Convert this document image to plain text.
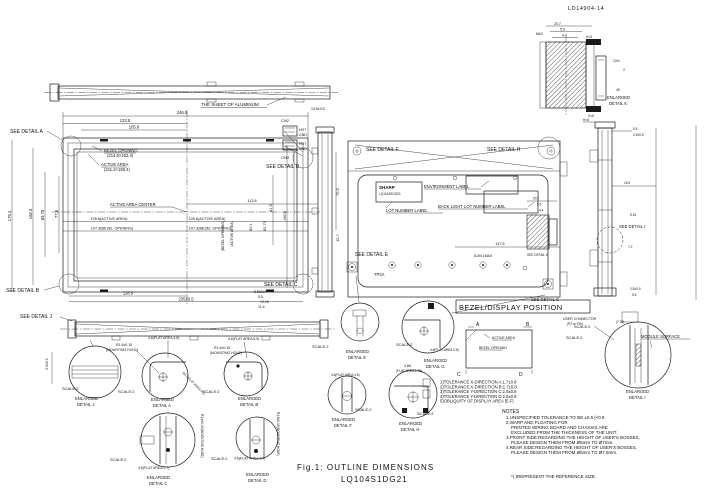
LD14904-14
THE SHEET OF ALUMINUM
246.5
123.5
105.8
179.4	168.3 84.75 77.5
81.5
166.8
80.1	82.75
(BEZEL OPENING) (ACTIVE AREA)
BEZEL OPENING
(214.6×162.4)
ACTIVE AREA
(211.2×158.4)
ACTIVE AREA CENTER
105.6(ACTIVE AREA)	105.6(ACTIVE AREA)
107.3(BEZEL OPENING)	107.3(BEZEL OPENING)
113.8
118.5
235±0.5
SEE DETAIL A
SEE DETAIL B
CN2
HOT
GND
HOT
GND
CN3
SEE DETAIL D
SEE DETAIL C
13.5±0.5
75.5
45.7
8.5MAX
5.5
10.16
11.6
SEE DETAIL F	SEE DETAIL H
SHARP
LQ104S1DG21
LOT NUMBER LABEL
ENVIRONMENT LABEL
BACK LIGHT LOT NUMBER LABEL
SEE DETAIL E
TP2A
117.5
8-Ø4.1MAX
20.7
5.5
4.4
SEE DETAIL K
SEE DETAIL G
H=8
5.5
2.5±0.5
16.5
5.15
SEE DETAIL I
7.2
2.5±0.5
5.5
MAX
20.7
5.5
4.4	H=8
CN1
2
40
ENLARGED
DETAIL K
H=8
BEZEL/DISPLAY POSITION
A	B
ACTIVE AREA
BEZEL OPENING
C	D
USER CONNECTOR
(P2 or PW)
SCALE:2
SEE DETAIL J
2.5±0.2
SCALE:2
ENLARGED
DETAIL J
R1.6±0.15
(MOUNTING HOLE)
4.6(FLAT AREA 4.6)
R6.5(FLAT AREA R6)
SCALE:2
ENLARGED
DETAIL A
R1.6±0.15
(MOUNTING HOLE)
4.6(FLAT AREA 6.9)
SCALE:2
ENLARGED
DETAIL B
R1.6±0.15(MOUNTING HOLE)
4.6(FLAT AREA 0.7)
SCALE:2
ENLARGED
DETAIL C
R1.6±0.15(MOUNTING HOLE)
4.6(FLAT AREA 0.7)
SCALE:2
ENLARGED
DETAIL D
SCALE:2
ENLARGED
DETAIL E
4.6(FLAT AREA 0.9)
SCALE:2
ENLARGED
DETAIL G
4.6(FLAT AREA 4.6)
SCALE:2
ENLARGED
DETAIL F
4.85
(FLAT AREA 4.15)
SCALE:2
ENLARGED
DETAIL H
(7.05)
MODULE SURFACE
SCALE:2
ENLARGED
DETAIL I
1)TOLERANCE X-DIRECTION A:1.7±0.8
2)TOLERANCE X-DIRECTION B:1.7±0.8
3)TOLERANCE Y-DIRECTION C:2.0±0.8
4)TOLERANCE Y-DIRECTION D:2.0±0.8
5)OBLIQUITY OF DISPLAY AREA |E-F|
NOTES
1.UNSPECIFIED TOLERANCE TO BE ±0.5 |<0.8
2.WARP AND FLOATING FOR
PRINTED WIRING BOARD AND CHASSIS ARE
EXCLUDED FROM THE THICKNESS OF THE UNIT.
3.FRONT SIDE:REGARDING THE HEIGHT OF USER'S BOSSES,
PLEASE DESIGN THEM FROM Ø6mm TO Ø7mm.
4.REAR SIDE:REGARDING THE HEIGHT OF USER'S BOSSES,
PLEASE DESIGN THEM FROM Ø6mm TO Ø7.5mm.
*( )REPRESENT THE REFERENCE SIZE.
Fig.1: OUTLINE DIMENSIONS
LQ104S1DG21
